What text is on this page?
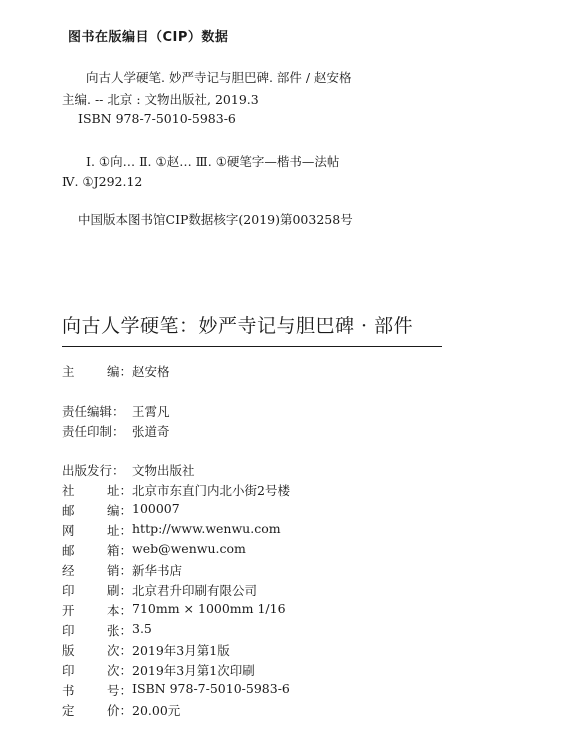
图书在版编目（CIP）数据
向古人学硬笔. 妙严寺记与胆巴碑. 部件 / 赵安格
主编. -- 北京 : 文物出版社, 2019.3
ISBN 978-7-5010-5983-6
Ⅰ. ①向… Ⅱ. ①赵… Ⅲ. ①硬笔字—楷书—法帖
Ⅳ. ①J292.12
中国版本图书馆CIP数据核字(2019)第003258号
向古人学硬笔：妙严寺记与胆巴碑 · 部件
主	编： 赵安格
责任编辑： 王霄凡
责任印制： 张道奇
出版发行： 文物出版社
社	址： 北京市东直门内北小街2号楼
邮	编： 100007
网	址： http://www.wenwu.com
邮	箱： web@wenwu.com
经	销： 新华书店
印	刷： 北京君升印刷有限公司
开	本： 710mm × 1000mm 1/16
印	张： 3.5
版	次： 2019年3月第1版
印	次： 2019年3月第1次印刷
书	号： ISBN 978-7-5010-5983-6
定	价： 20.00元
